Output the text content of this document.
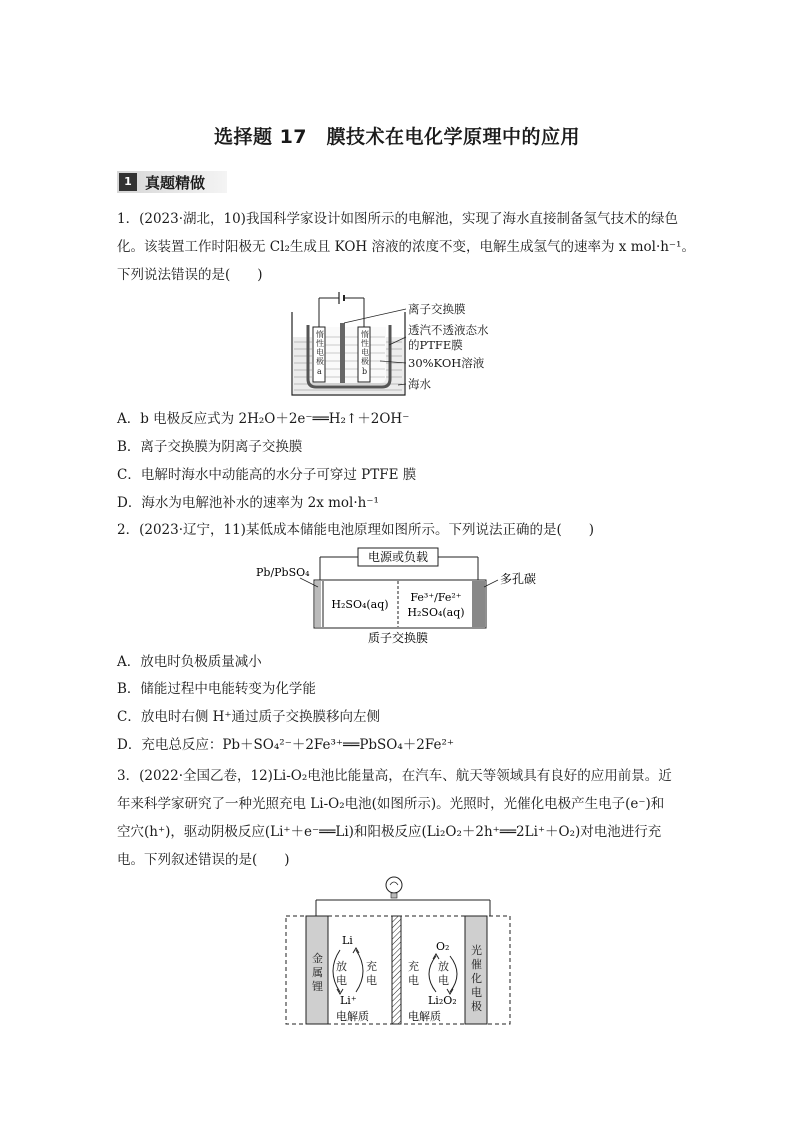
选择题 17　膜技术在电化学原理中的应用
1 真题精做
1．(2023·湖北，10)我国科学家设计如图所示的电解池，实现了海水直接制备氢气技术的绿色
化。该装置工作时阳极无 Cl₂生成且 KOH 溶液的浓度不变，电解生成氢气的速率为 x mol·h⁻¹。
下列说法错误的是(　　)
惰
性
电
极
a
惰
性
电
极
b
离子交换膜
透汽不透液态水
的PTFE膜
30%KOH溶液
海水
A．b 电极反应式为 2H₂O＋2e⁻══H₂↑＋2OH⁻
B．离子交换膜为阴离子交换膜
C．电解时海水中动能高的水分子可穿过 PTFE 膜
D．海水为电解池补水的速率为 2x mol·h⁻¹
2．(2023·辽宁，11)某低成本储能电池原理如图所示。下列说法正确的是(　　)
电源或负载
Pb/PbSO₄	多孔碳
H₂SO₄(aq)
Fe³⁺/Fe²⁺
H₂SO₄(aq)
质子交换膜
A．放电时负极质量减小
B．储能过程中电能转变为化学能
C．放电时右侧 H⁺通过质子交换膜移向左侧
D．充电总反应：Pb＋SO₄²⁻＋2Fe³⁺══PbSO₄＋2Fe²⁺
3．(2022·全国乙卷，12)Li-O₂电池比能量高，在汽车、航天等领域具有良好的应用前景。近
年来科学家研究了一种光照充电 Li-O₂电池(如图所示)。光照时，光催化电极产生电子(e⁻)和
空穴(h⁺)，驱动阴极反应(Li⁺＋e⁻══Li)和阳极反应(Li₂O₂＋2h⁺══2Li⁺＋O₂)对电池进行充
电。下列叙述错误的是(　　)
金
属
锂
光
催
化
电
极
Li
Li⁺
放
电
充
电
电解质
O₂
Li₂O₂
充
电
放
电
电解质
